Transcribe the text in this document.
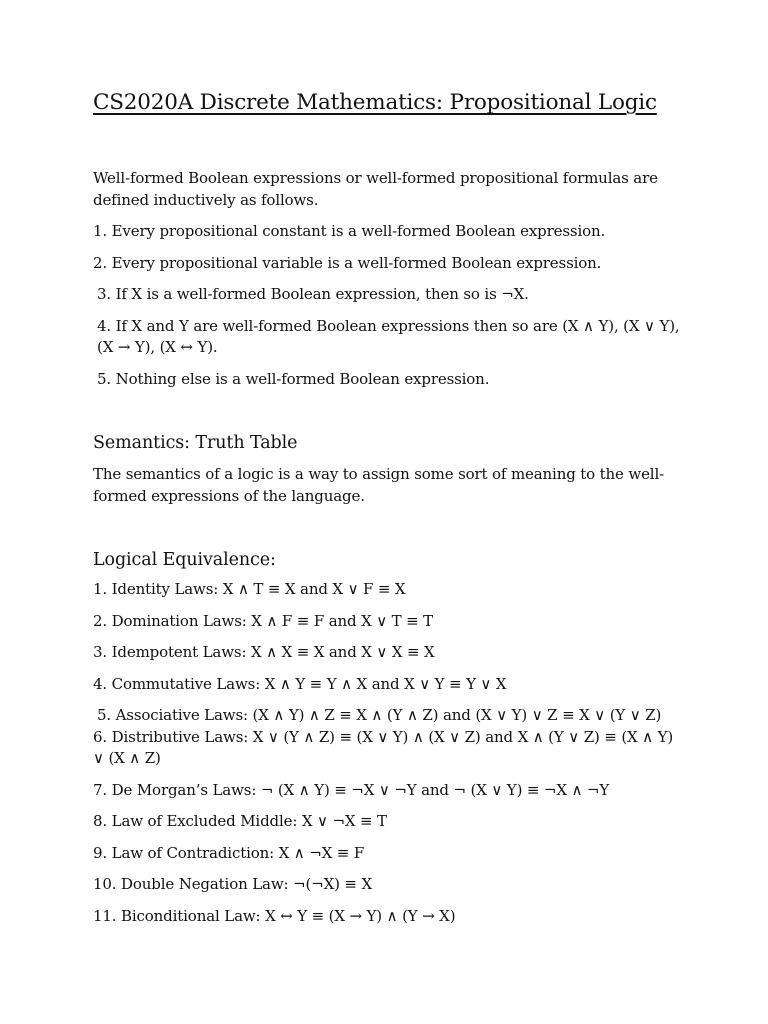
CS2020A Discrete Mathematics: Propositional Logic

Well-formed Boolean expressions or well-formed propositional formulas are defined inductively as follows.

1. Every propositional constant is a well-formed Boolean expression.

2. Every propositional variable is a well-formed Boolean expression.

3. If X is a well-formed Boolean expression, then so is ¬X.

4. If X and Y are well-formed Boolean expressions then so are (X ∧ Y), (X ∨ Y), (X → Y), (X ↔ Y).

5. Nothing else is a well-formed Boolean expression.

Semantics: Truth Table

The semantics of a logic is a way to assign some sort of meaning to the well-formed expressions of the language.

Logical Equivalence:

1. Identity Laws: X ∧ T ≡ X and X ∨ F ≡ X

2. Domination Laws: X ∧ F ≡ F and X ∨ T ≡ T

3. Idempotent Laws: X ∧ X ≡ X and X ∨ X ≡ X

4. Commutative Laws: X ∧ Y ≡ Y ∧ X and X ∨ Y ≡ Y ∨ X

5. Associative Laws: (X ∧ Y) ∧ Z ≡ X ∧ (Y ∧ Z) and (X ∨ Y) ∨ Z ≡ X ∨ (Y ∨ Z)

6. Distributive Laws: X ∨ (Y ∧ Z) ≡ (X ∨ Y) ∧ (X ∨ Z) and X ∧ (Y ∨ Z) ≡ (X ∧ Y) ∨ (X ∧ Z)

7. De Morgan’s Laws: ¬ (X ∧ Y) ≡ ¬X ∨ ¬Y and ¬ (X ∨ Y) ≡ ¬X ∧ ¬Y

8. Law of Excluded Middle: X ∨ ¬X ≡ T

9. Law of Contradiction: X ∧ ¬X ≡ F

10. Double Negation Law: ¬(¬X) ≡ X

11. Biconditional Law: X ↔ Y ≡ (X → Y) ∧ (Y → X)
